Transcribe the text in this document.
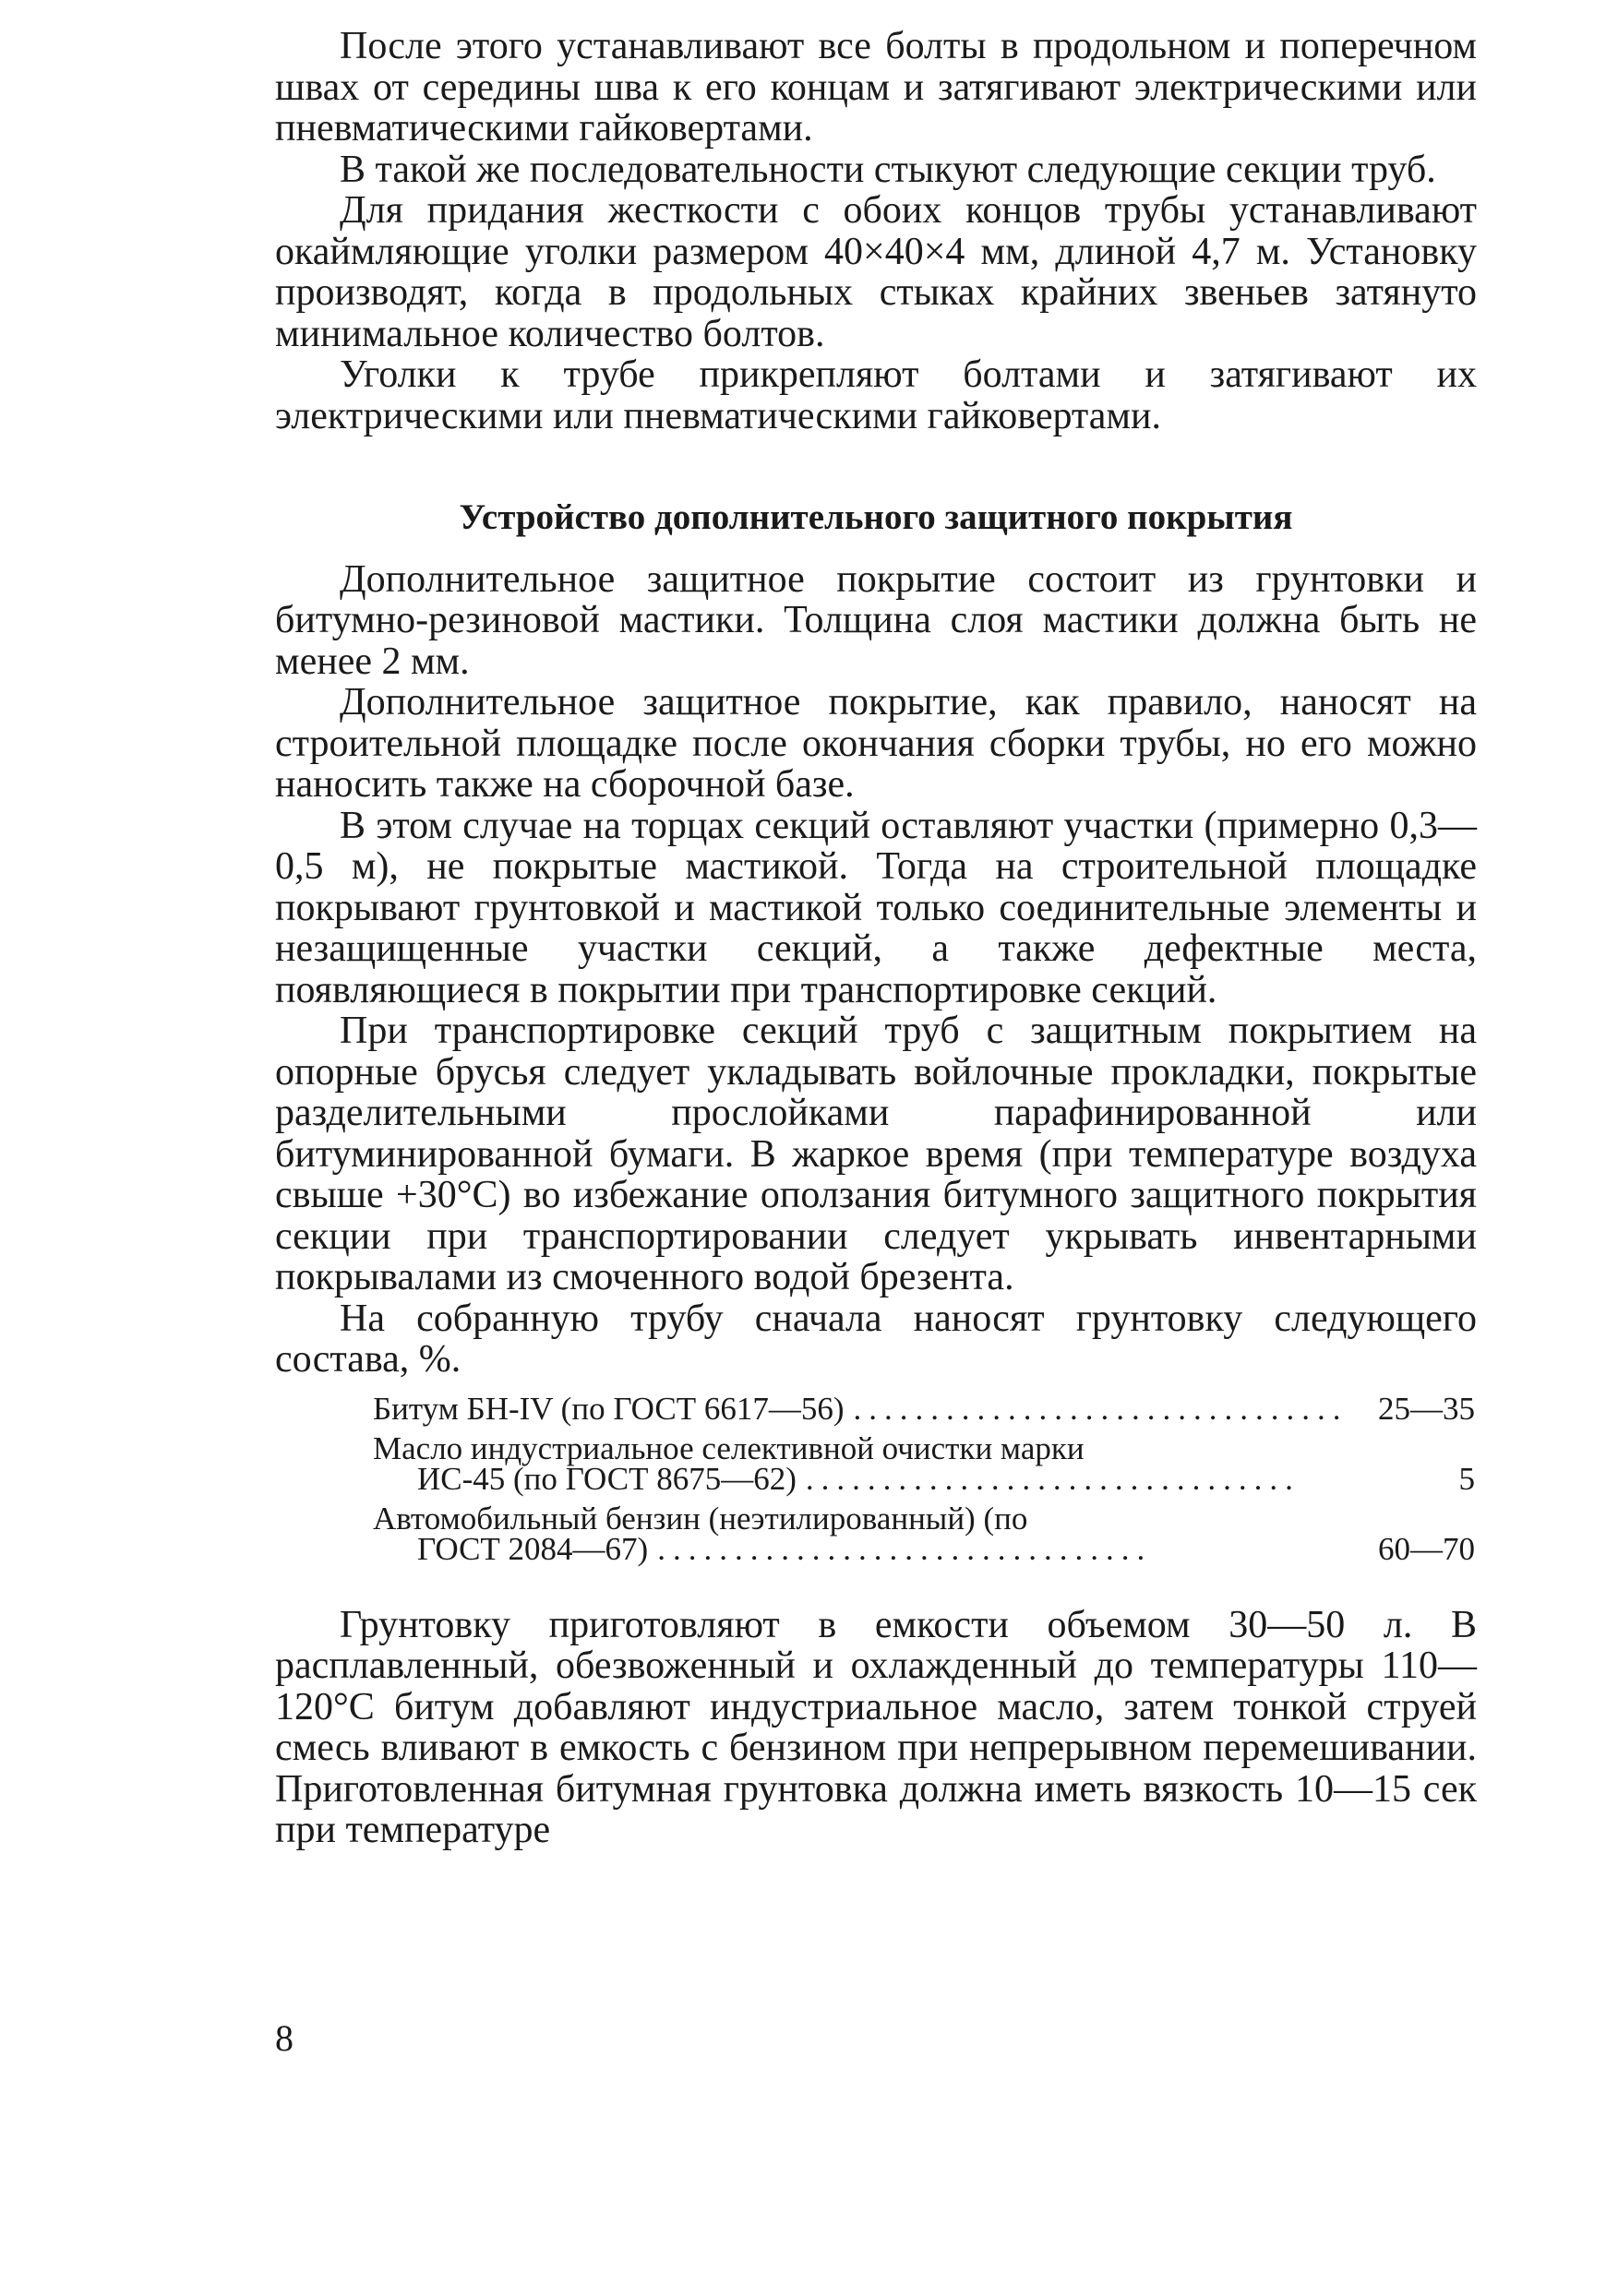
После этого устанавливают все болты в продольном и поперечном швах от середины шва к его концам и затягивают электрическими или пневматическими гайковертами.

В такой же последовательности стыкуют следующие секции труб.

Для придания жесткости с обоих концов трубы устанавливают окаймляющие уголки размером 40×40×4 мм, длиной 4,7 м. Установку производят, когда в продольных стыках крайних звеньев затянуто минимальное количество болтов.

Уголки к трубе прикрепляют болтами и затягивают их электрическими или пневматическими гайковертами.

Устройство дополнительного защитного покрытия

Дополнительное защитное покрытие состоит из грунтовки и битумно-резиновой мастики. Толщина слоя мастики должна быть не менее 2 мм.

Дополнительное защитное покрытие, как правило, наносят на строительной площадке после окончания сборки трубы, но его можно наносить также на сборочной базе.

В этом случае на торцах секций оставляют участки (примерно 0,3—0,5 м), не покрытые мастикой. Тогда на строительной площадке покрывают грунтовкой и мастикой только соединительные элементы и незащищенные участки секций, а также дефектные места, появляющиеся в покрытии при транспортировке секций.

При транспортировке секций труб с защитным покрытием на опорные брусья следует укладывать войлочные прокладки, покрытые разделительными прослойками парафинированной или битуминированной бумаги. В жаркое время (при температуре воздуха свыше +30°С) во избежание оползания битумного защитного покрытия секции при транспортировании следует укрывать инвентарными покрывалами из смоченного водой брезента.

На собранную трубу сначала наносят грунтовку следующего состава, %.

Битум БН-IV (по ГОСТ 6617—56) ................................ 25—35
Масло индустриальное селективной очистки марки
ИС-45 (по ГОСТ 8675—62) ................................	5
Автомобильный бензин (неэтилированный) (по
ГОСТ 2084—67) ................................	60—70

Грунтовку приготовляют в емкости объемом 30—50 л. В расплавленный, обезвоженный и охлажденный до температуры 110—120°С битум добавляют индустриальное масло, затем тонкой струей смесь вливают в емкость с бензином при непрерывном перемешивании. Приготовленная битумная грунтовка должна иметь вязкость 10—15 сек при температуре

8
